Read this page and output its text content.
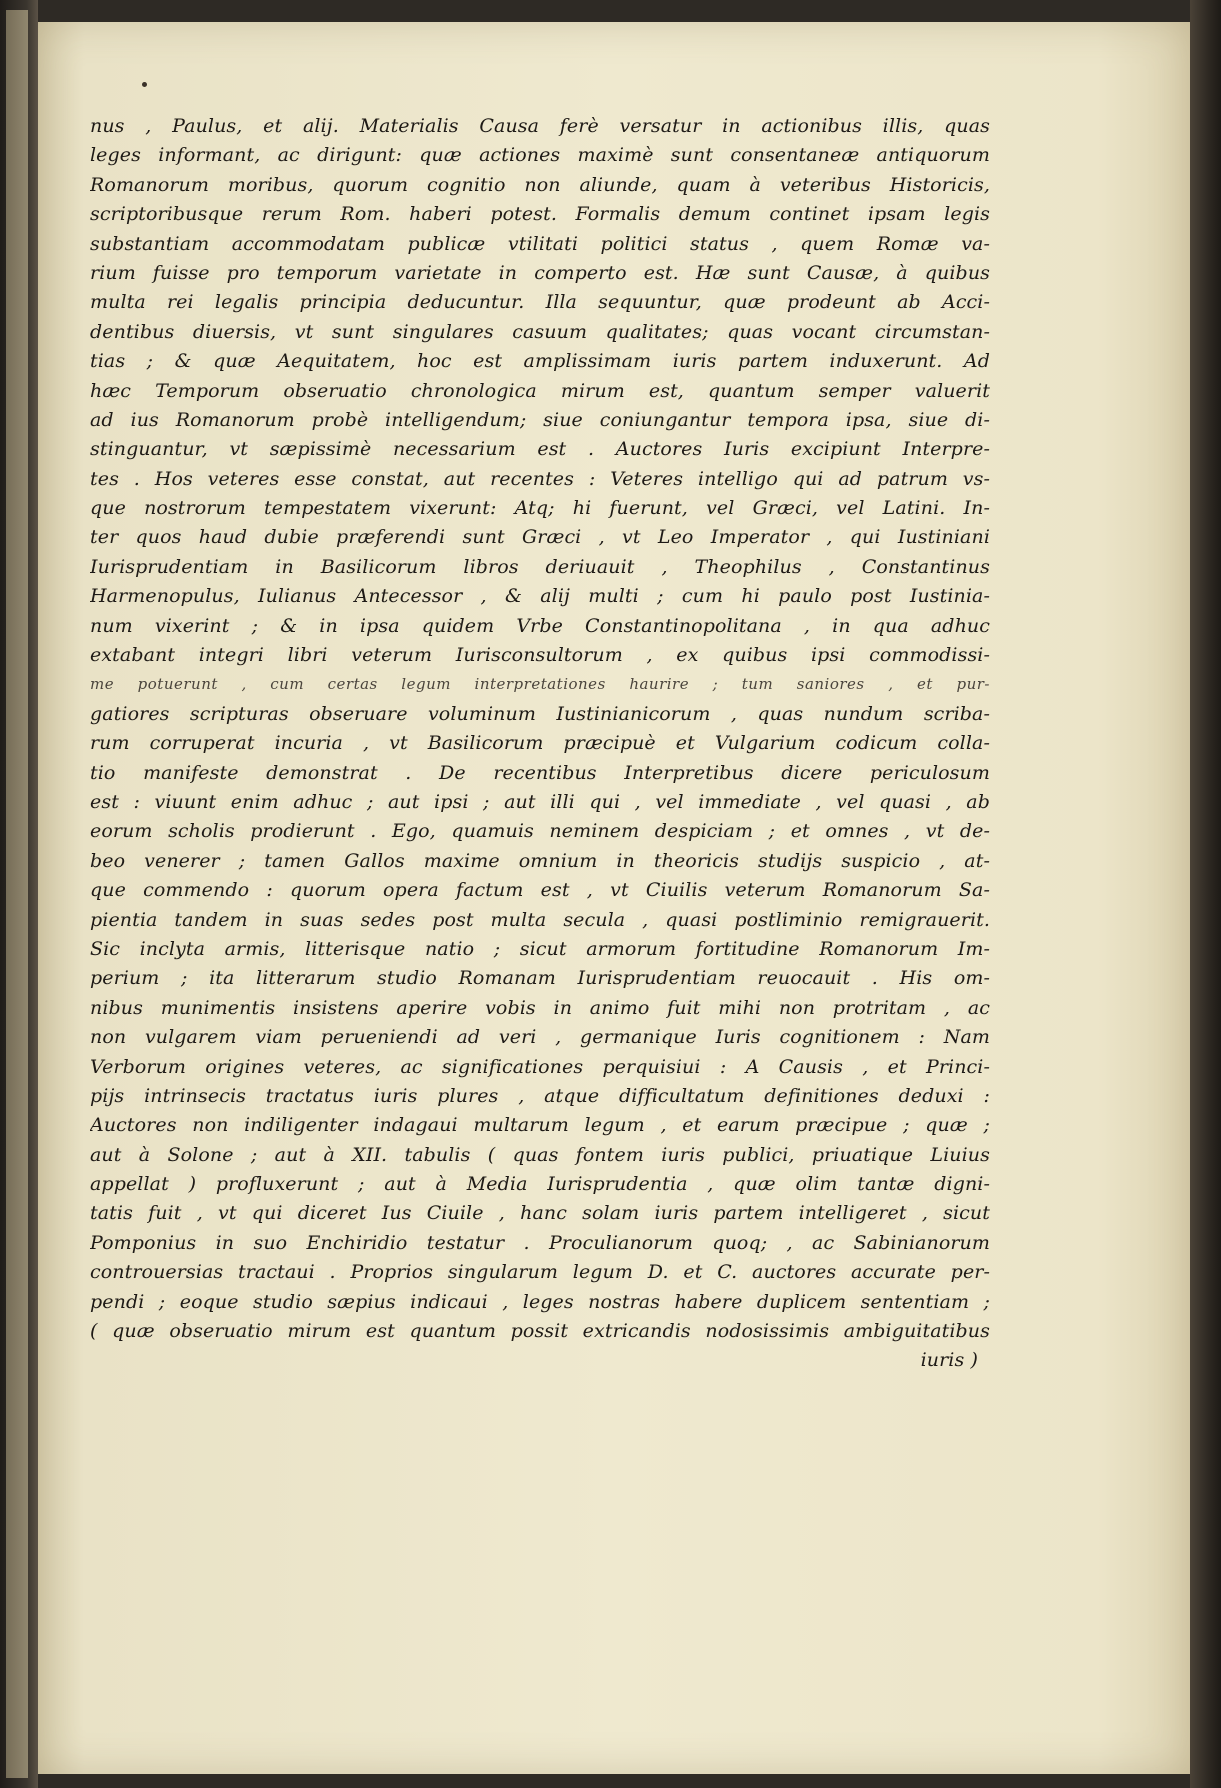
nus , Paulus, et alij. Materialis Causa ferè versatur in actionibus illis, quas
leges informant, ac dirigunt: quæ actiones maximè sunt consentaneæ antiquorum
Romanorum moribus, quorum cognitio non aliunde, quam à veteribus Historicis,
scriptoribusque rerum Rom. haberi potest. Formalis demum continet ipsam legis
substantiam accommodatam publicæ vtilitati politici status , quem Romæ va-
rium fuisse pro temporum varietate in comperto est. Hæ sunt Causæ, à quibus
multa rei legalis principia deducuntur. Illa sequuntur, quæ prodeunt ab Acci-
dentibus diuersis, vt sunt singulares casuum qualitates; quas vocant circumstan-
tias ; & quæ Aequitatem, hoc est amplissimam iuris partem induxerunt. Ad
hæc Temporum obseruatio chronologica mirum est, quantum semper valuerit
ad ius Romanorum probè intelligendum; siue coniungantur tempora ipsa, siue di-
stinguantur, vt sæpissimè necessarium est . Auctores Iuris excipiunt Interpre-
tes . Hos veteres esse constat, aut recentes : Veteres intelligo qui ad patrum vs-
que nostrorum tempestatem vixerunt: Atq; hi fuerunt, vel Græci, vel Latini. In-
ter quos haud dubie præferendi sunt Græci , vt Leo Imperator , qui Iustiniani
Iurisprudentiam in Basilicorum libros deriuauit , Theophilus , Constantinus
Harmenopulus, Iulianus Antecessor , & alij multi ; cum hi paulo post Iustinia-
num vixerint ; & in ipsa quidem Vrbe Constantinopolitana , in qua adhuc
extabant integri libri veterum Iurisconsultorum , ex quibus ipsi commodissi-
me potuerunt , cum certas legum interpretationes haurire ; tum saniores , et pur-
gatiores scripturas obseruare voluminum Iustinianicorum , quas nundum scriba-
rum corruperat incuria , vt Basilicorum præcipuè et Vulgarium codicum colla-
tio manifeste demonstrat . De recentibus Interpretibus dicere periculosum
est : viuunt enim adhuc ; aut ipsi ; aut illi qui , vel immediate , vel quasi , ab
eorum scholis prodierunt . Ego, quamuis neminem despiciam ; et omnes , vt de-
beo venerer ; tamen Gallos maxime omnium in theoricis studijs suspicio , at-
que commendo : quorum opera factum est , vt Ciuilis veterum Romanorum Sa-
pientia tandem in suas sedes post multa secula , quasi postliminio remigrauerit.
Sic inclyta armis, litterisque natio ; sicut armorum fortitudine Romanorum Im-
perium ; ita litterarum studio Romanam Iurisprudentiam reuocauit . His om-
nibus munimentis insistens aperire vobis in animo fuit mihi non protritam , ac
non vulgarem viam perueniendi ad veri , germanique Iuris cognitionem : Nam
Verborum origines veteres, ac significationes perquisiui : A Causis , et Princi-
pijs intrinsecis tractatus iuris plures , atque difficultatum definitiones deduxi :
Auctores non indiligenter indagaui multarum legum , et earum præcipue ; quæ ;
aut à Solone ; aut à XII. tabulis ( quas fontem iuris publici, priuatique Liuius
appellat ) profluxerunt ; aut à Media Iurisprudentia , quæ olim tantæ digni-
tatis fuit , vt qui diceret Ius Ciuile , hanc solam iuris partem intelligeret , sicut
Pomponius in suo Enchiridio testatur . Proculianorum quoq; , ac Sabinianorum
controuersias tractaui . Proprios singularum legum D. et C. auctores accurate per-
pendi ; eoque studio sæpius indicaui , leges nostras habere duplicem sententiam ;
( quæ obseruatio mirum est quantum possit extricandis nodosissimis ambiguitatibus
iuris )
